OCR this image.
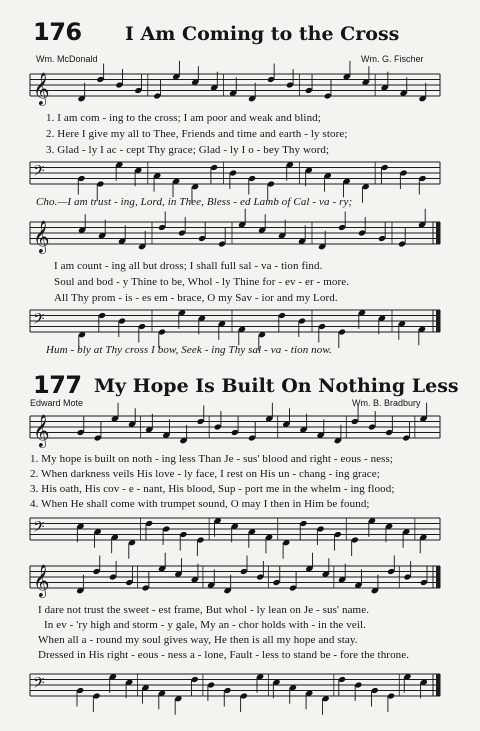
176 I Am Coming to the Cross
Wm. McDonald	Wm. G. Fischer
𝄞
1. I am com - ing to the cross; I am poor and weak and blind;
2. Here I give my all to Thee, Friends and time and earth - ly store;
3. Glad - ly I ac - cept Thy grace; Glad - ly I o - bey Thy word;
𝄢
Cho.—I am trust - ing, Lord, in Thee, Bless - ed Lamb of Cal - va - ry;
𝄞
I am count - ing all but dross; I shall full sal - va - tion find.
Soul and bod - y Thine to be, Whol - ly Thine for - ev - er - more.
All Thy prom - is - es em - brace, O my Sav - ior and my Lord.
𝄢
Hum - bly at Thy cross I bow, Seek - ing Thy sal - va - tion now.
177 My Hope Is Built On Nothing Less
Edward Mote	Wm. B. Bradbury
𝄞
1. My hope is built on noth - ing less Than Je - sus' blood and right - eous - ness;
2. When darkness veils His love - ly face, I rest on His un - chang - ing grace;
3. His oath, His cov - e - nant, His blood, Sup - port me in the whelm - ing flood;
4. When He shall come with trumpet sound, O may I then in Him be found;
𝄢
𝄞
I dare not trust the sweet - est frame, But whol - ly lean on Je - sus' name.
In ev - 'ry high and storm - y gale, My an - chor holds with - in the veil.
When all a - round my soul gives way, He then is all my hope and stay.
Dressed in His right - eous - ness a - lone, Fault - less to stand be - fore the throne.
𝄢
